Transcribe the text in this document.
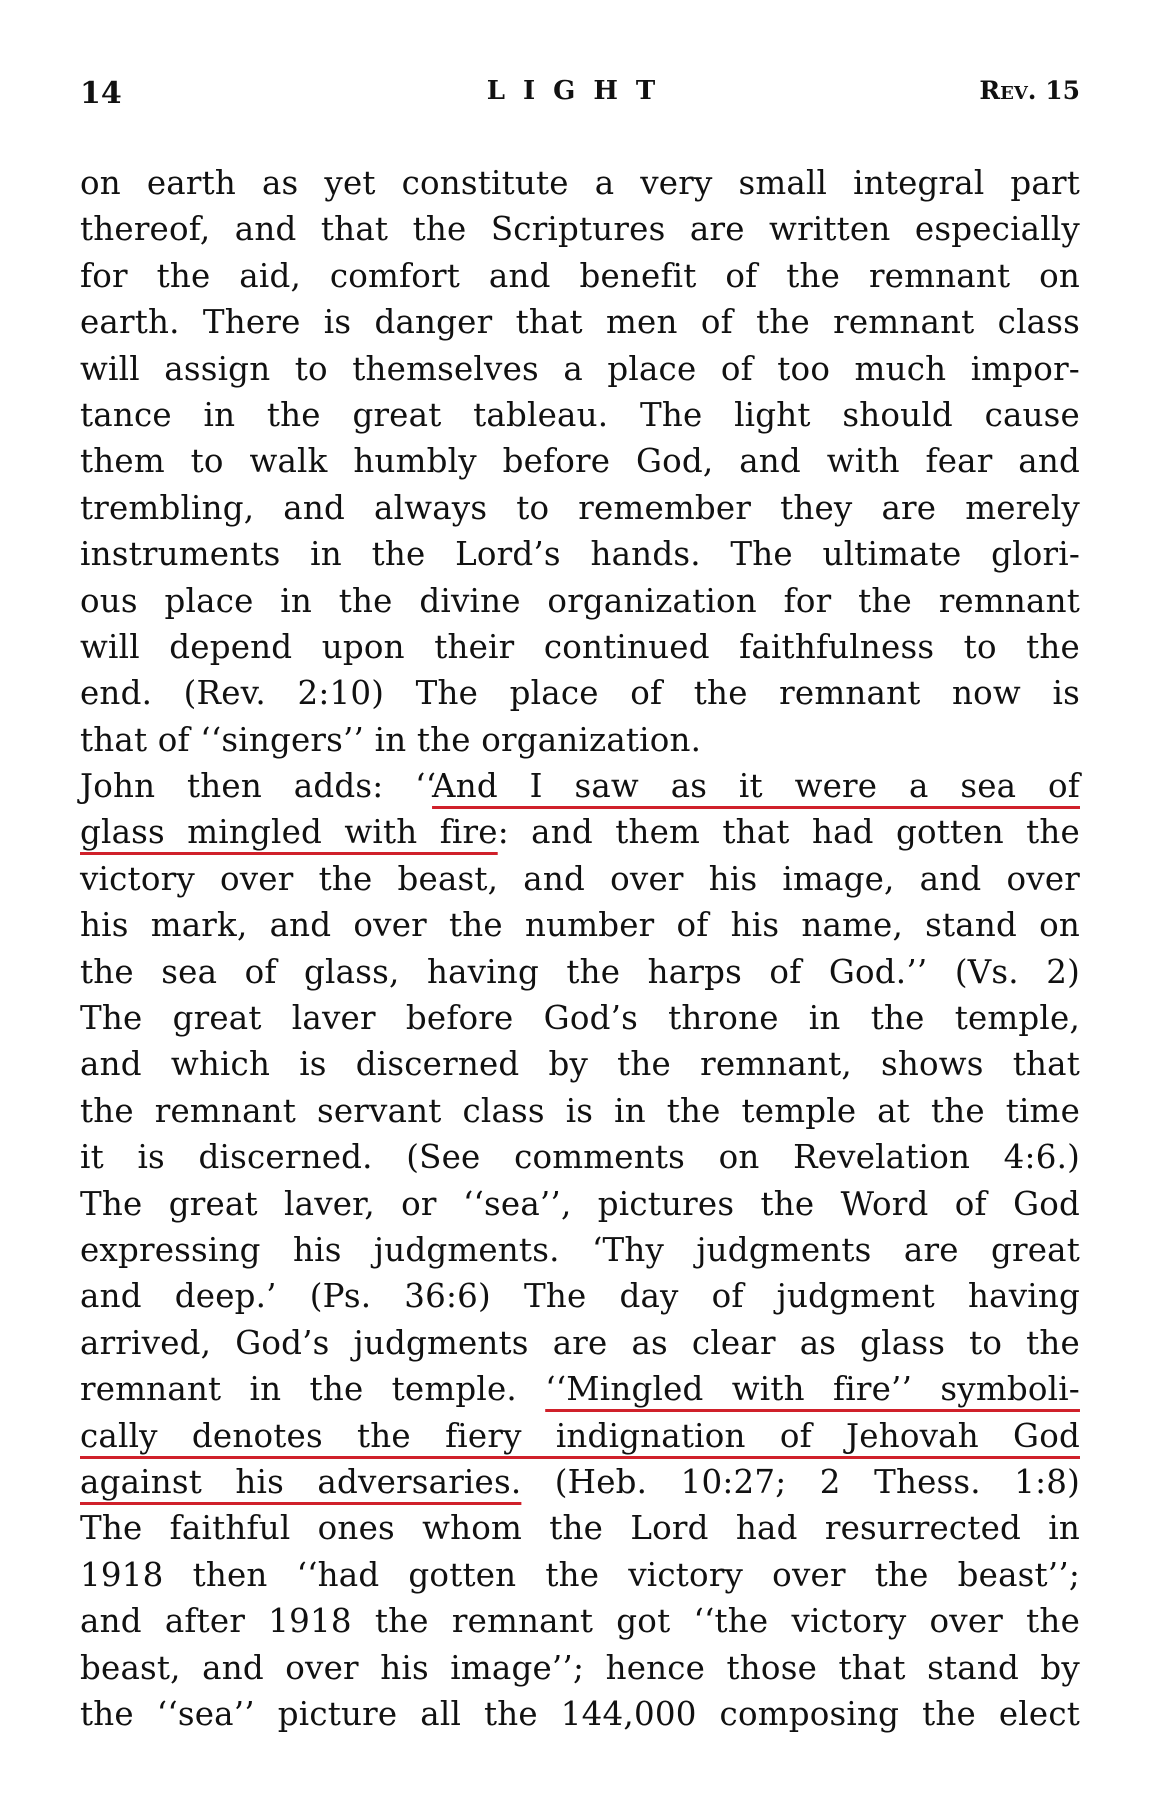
14	LIGHT	Rev. 15
on earth as yet constitute a very small integral part
thereof, and that the Scriptures are written especially
for the aid, comfort and benefit of the remnant on
earth. There is danger that men of the remnant class
will assign to themselves a place of too much impor-
tance in the great tableau. The light should cause
them to walk humbly before God, and with fear and
trembling, and always to remember they are merely
instruments in the Lord’s hands. The ultimate glori-
ous place in the divine organization for the remnant
will depend upon their continued faithfulness to the
end. (Rev. 2:10) The place of the remnant now is
that of ‘‘singers’’ in the organization.
John then adds: ‘‘And I saw as it were a sea of
glass mingled with fire: and them that had gotten the
victory over the beast, and over his image, and over
his mark, and over the number of his name, stand on
the sea of glass, having the harps of God.’’ (Vs. 2)
The great laver before God’s throne in the temple,
and which is discerned by the remnant, shows that
the remnant servant class is in the temple at the time
it is discerned. (See comments on Revelation 4:6.)
The great laver, or ‘‘sea’’, pictures the Word of God
expressing his judgments. ‘Thy judgments are great
and deep.’ (Ps. 36:6) The day of judgment having
arrived, God’s judgments are as clear as glass to the
remnant in the temple. ‘‘Mingled with fire’’ symboli-
cally denotes the fiery indignation of Jehovah God
against his adversaries. (Heb. 10:27; 2 Thess. 1:8)
The faithful ones whom the Lord had resurrected in
1918 then ‘‘had gotten the victory over the beast’’;
and after 1918 the remnant got ‘‘the victory over the
beast, and over his image’’; hence those that stand by
the ‘‘sea’’ picture all the 144,000 composing the elect
